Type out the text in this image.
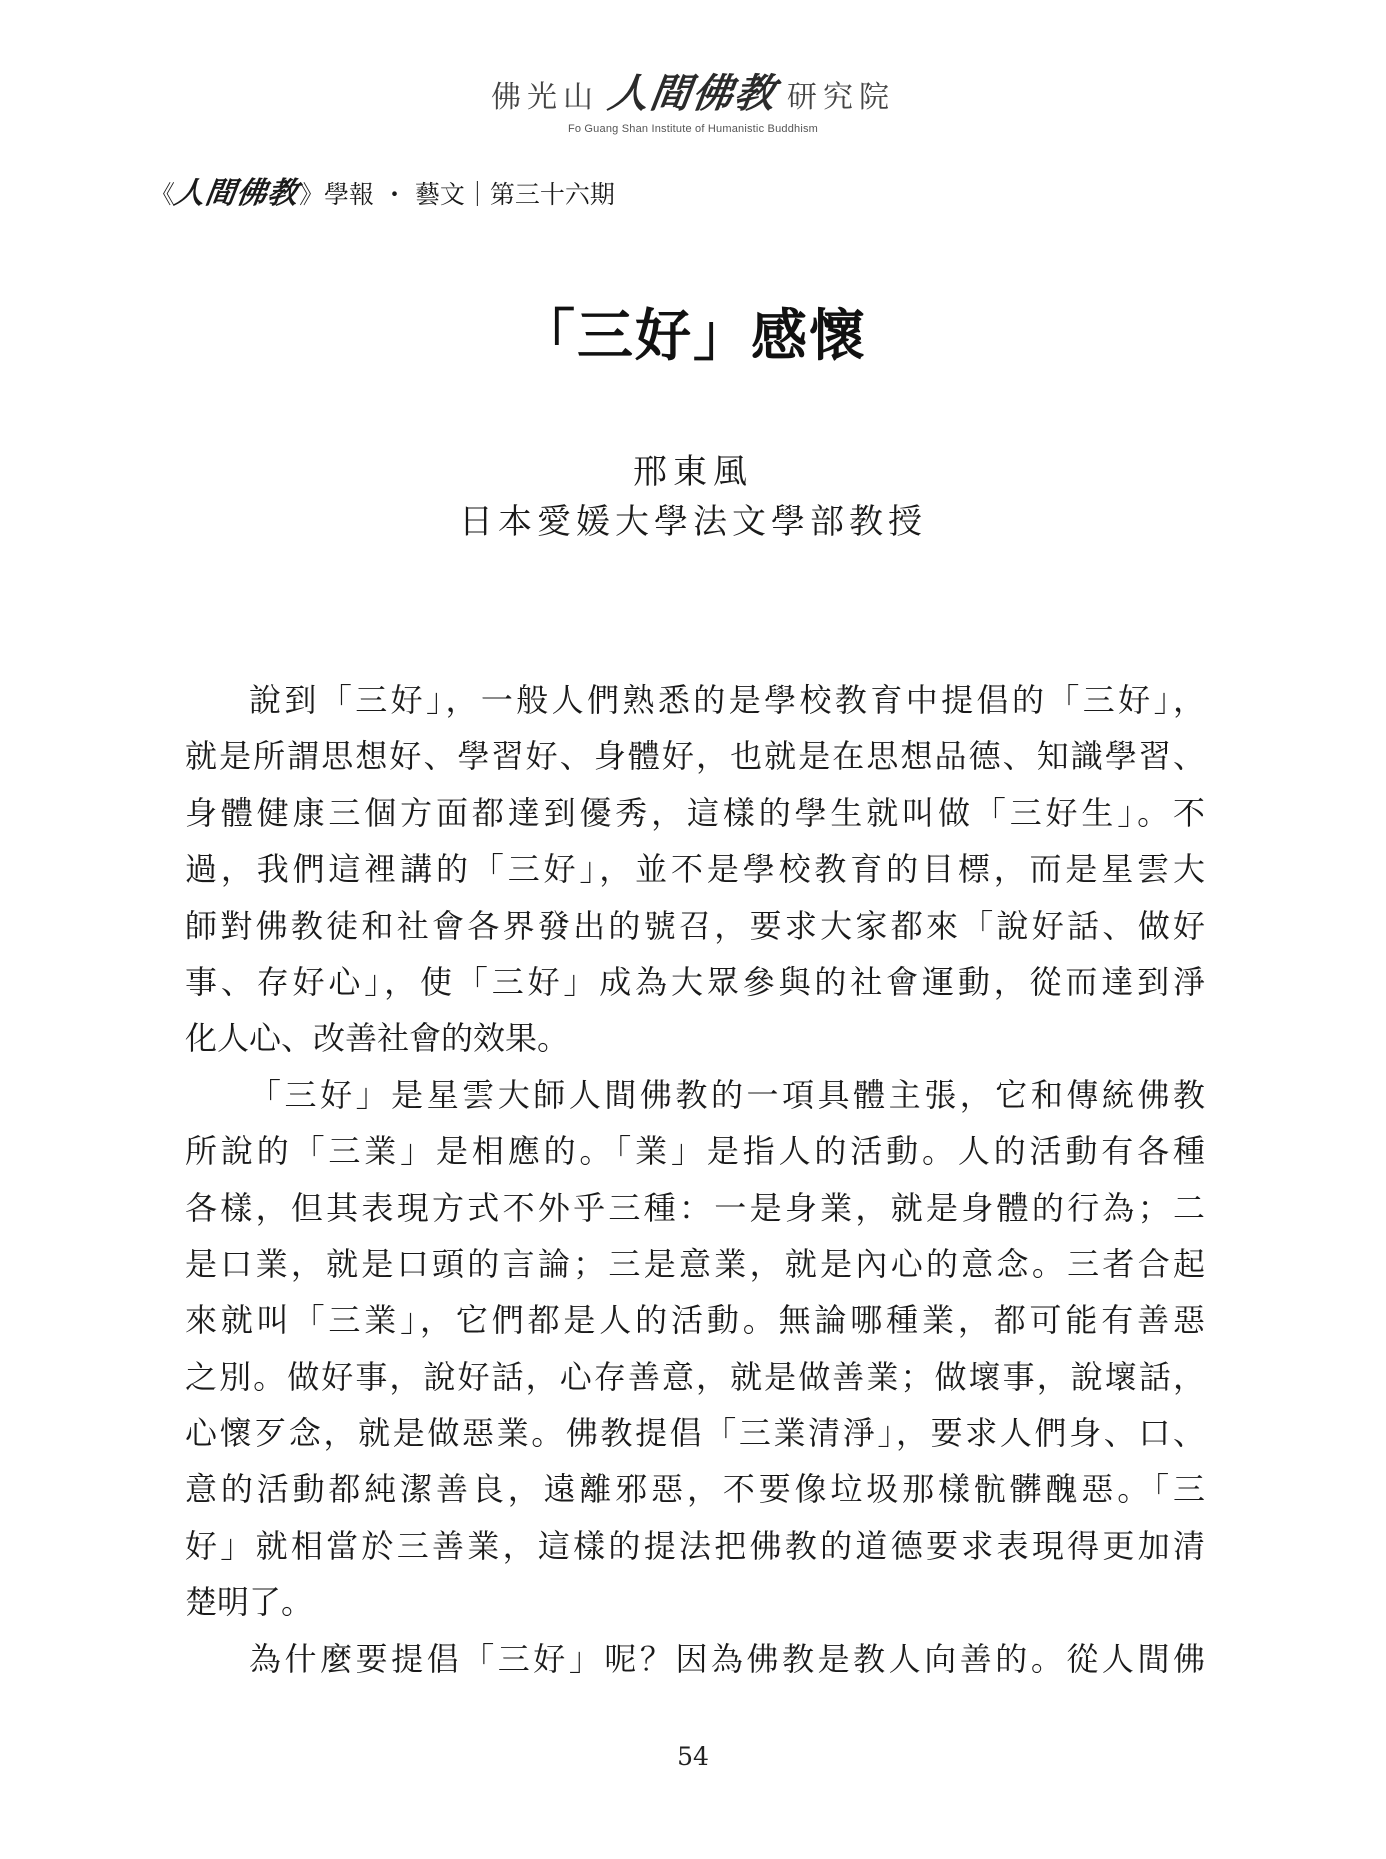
佛光山 人間佛教 研究院
Fo Guang Shan Institute of Humanistic Buddhism
《人間佛教》學報 ・ 藝文｜第三十六期
「三好」感懷
邢東風
日本愛媛大學法文學部教授
說到「三好」，一般人們熟悉的是學校教育中提倡的「三好」，
就是所謂思想好、學習好、身體好，也就是在思想品德、知識學習、
身體健康三個方面都達到優秀，這樣的學生就叫做「三好生」。不
過，我們這裡講的「三好」，並不是學校教育的目標，而是星雲大
師對佛教徒和社會各界發出的號召，要求大家都來「說好話、做好
事、存好心」，使「三好」成為大眾參與的社會運動，從而達到淨
化人心、改善社會的效果。
「三好」是星雲大師人間佛教的一項具體主張，它和傳統佛教
所說的「三業」是相應的。「業」是指人的活動。人的活動有各種
各樣，但其表現方式不外乎三種：一是身業，就是身體的行為；二
是口業，就是口頭的言論；三是意業，就是內心的意念。三者合起
來就叫「三業」，它們都是人的活動。無論哪種業，都可能有善惡
之別。做好事，說好話，心存善意，就是做善業；做壞事，說壞話，
心懷歹念，就是做惡業。佛教提倡「三業清淨」，要求人們身、口、
意的活動都純潔善良，遠離邪惡，不要像垃圾那樣骯髒醜惡。「三
好」就相當於三善業，這樣的提法把佛教的道德要求表現得更加清
楚明了。
為什麼要提倡「三好」呢？因為佛教是教人向善的。從人間佛
54
